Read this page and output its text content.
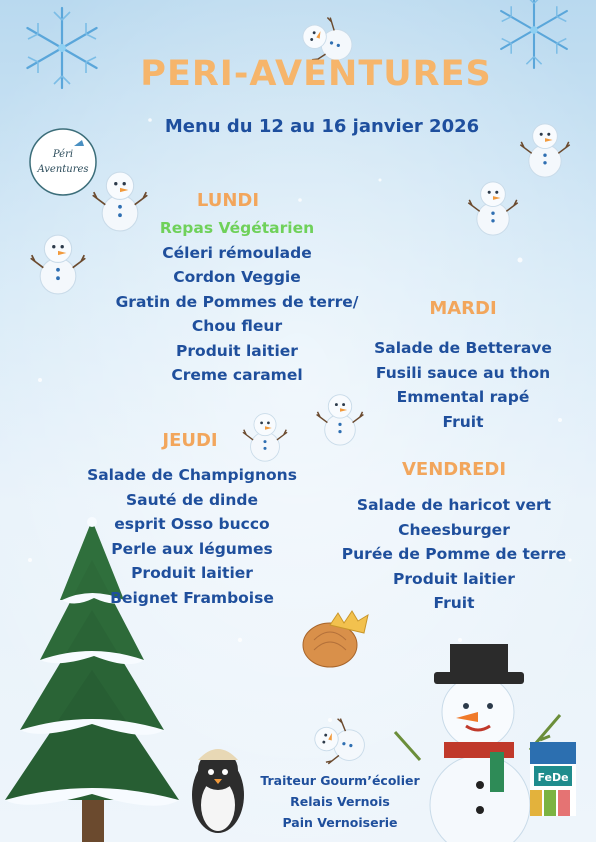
Péri
Aventures
FeDe
PERI-AVENTURES
Menu du 12 au 16 janvier 2026
LUNDI
Repas Végétarien
Céleri rémoulade
Cordon Veggie
Gratin de Pommes de terre/
Chou fleur
Produit laitier
Creme caramel
MARDI
Salade de Betterave
Fusili sauce au thon
Emmental rapé
Fruit
JEUDI
Salade de Champignons
Sauté de dinde
esprit Osso bucco
Perle aux légumes
Produit laitier
Beignet Framboise
VENDREDI
Salade de haricot vert
Cheesburger
Purée de Pomme de terre
Produit laitier
Fruit
Traiteur Gourm’écolier
Relais Vernois
Pain Vernoiserie
